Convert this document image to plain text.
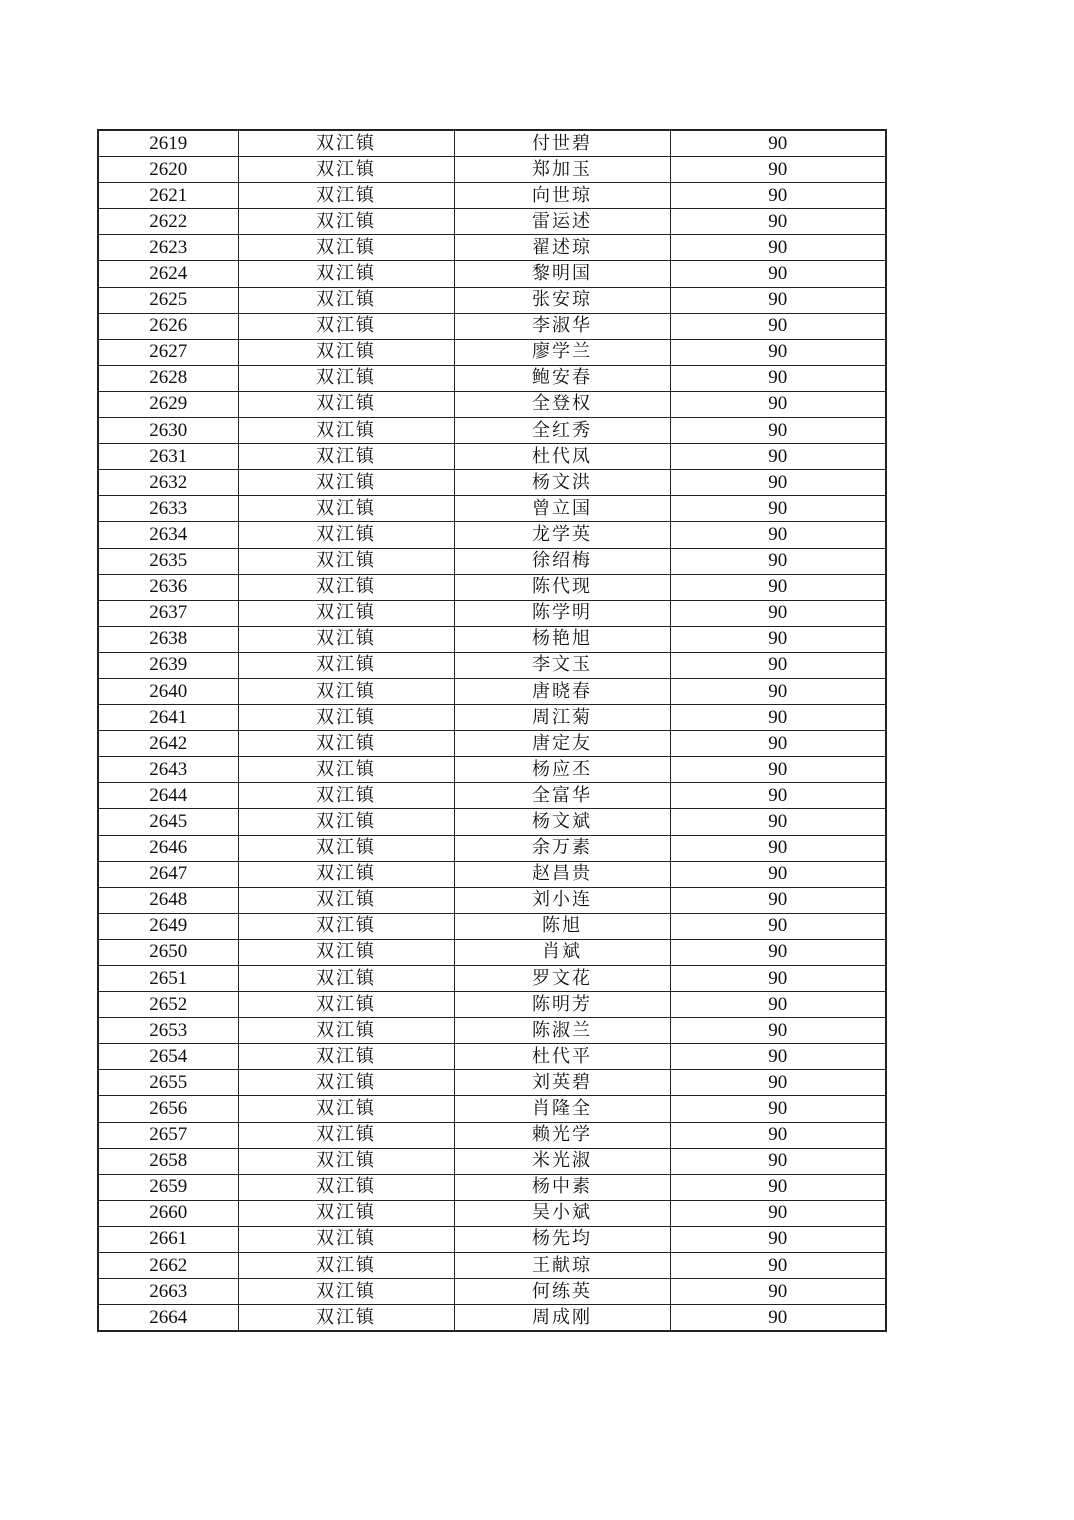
2619	双江镇	付世碧	90
2620	双江镇	郑加玉	90
2621	双江镇	向世琼	90
2622	双江镇	雷运述	90
2623	双江镇	翟述琼	90
2624	双江镇	黎明国	90
2625	双江镇	张安琼	90
2626	双江镇	李淑华	90
2627	双江镇	廖学兰	90
2628	双江镇	鲍安春	90
2629	双江镇	全登权	90
2630	双江镇	全红秀	90
2631	双江镇	杜代凤	90
2632	双江镇	杨文洪	90
2633	双江镇	曾立国	90
2634	双江镇	龙学英	90
2635	双江镇	徐绍梅	90
2636	双江镇	陈代现	90
2637	双江镇	陈学明	90
2638	双江镇	杨艳旭	90
2639	双江镇	李文玉	90
2640	双江镇	唐晓春	90
2641	双江镇	周江菊	90
2642	双江镇	唐定友	90
2643	双江镇	杨应丕	90
2644	双江镇	全富华	90
2645	双江镇	杨文斌	90
2646	双江镇	余万素	90
2647	双江镇	赵昌贵	90
2648	双江镇	刘小连	90
2649	双江镇	陈旭	90
2650	双江镇	肖斌	90
2651	双江镇	罗文花	90
2652	双江镇	陈明芳	90
2653	双江镇	陈淑兰	90
2654	双江镇	杜代平	90
2655	双江镇	刘英碧	90
2656	双江镇	肖隆全	90
2657	双江镇	赖光学	90
2658	双江镇	米光淑	90
2659	双江镇	杨中素	90
2660	双江镇	吴小斌	90
2661	双江镇	杨先均	90
2662	双江镇	王献琼	90
2663	双江镇	何练英	90
2664	双江镇	周成刚	90
